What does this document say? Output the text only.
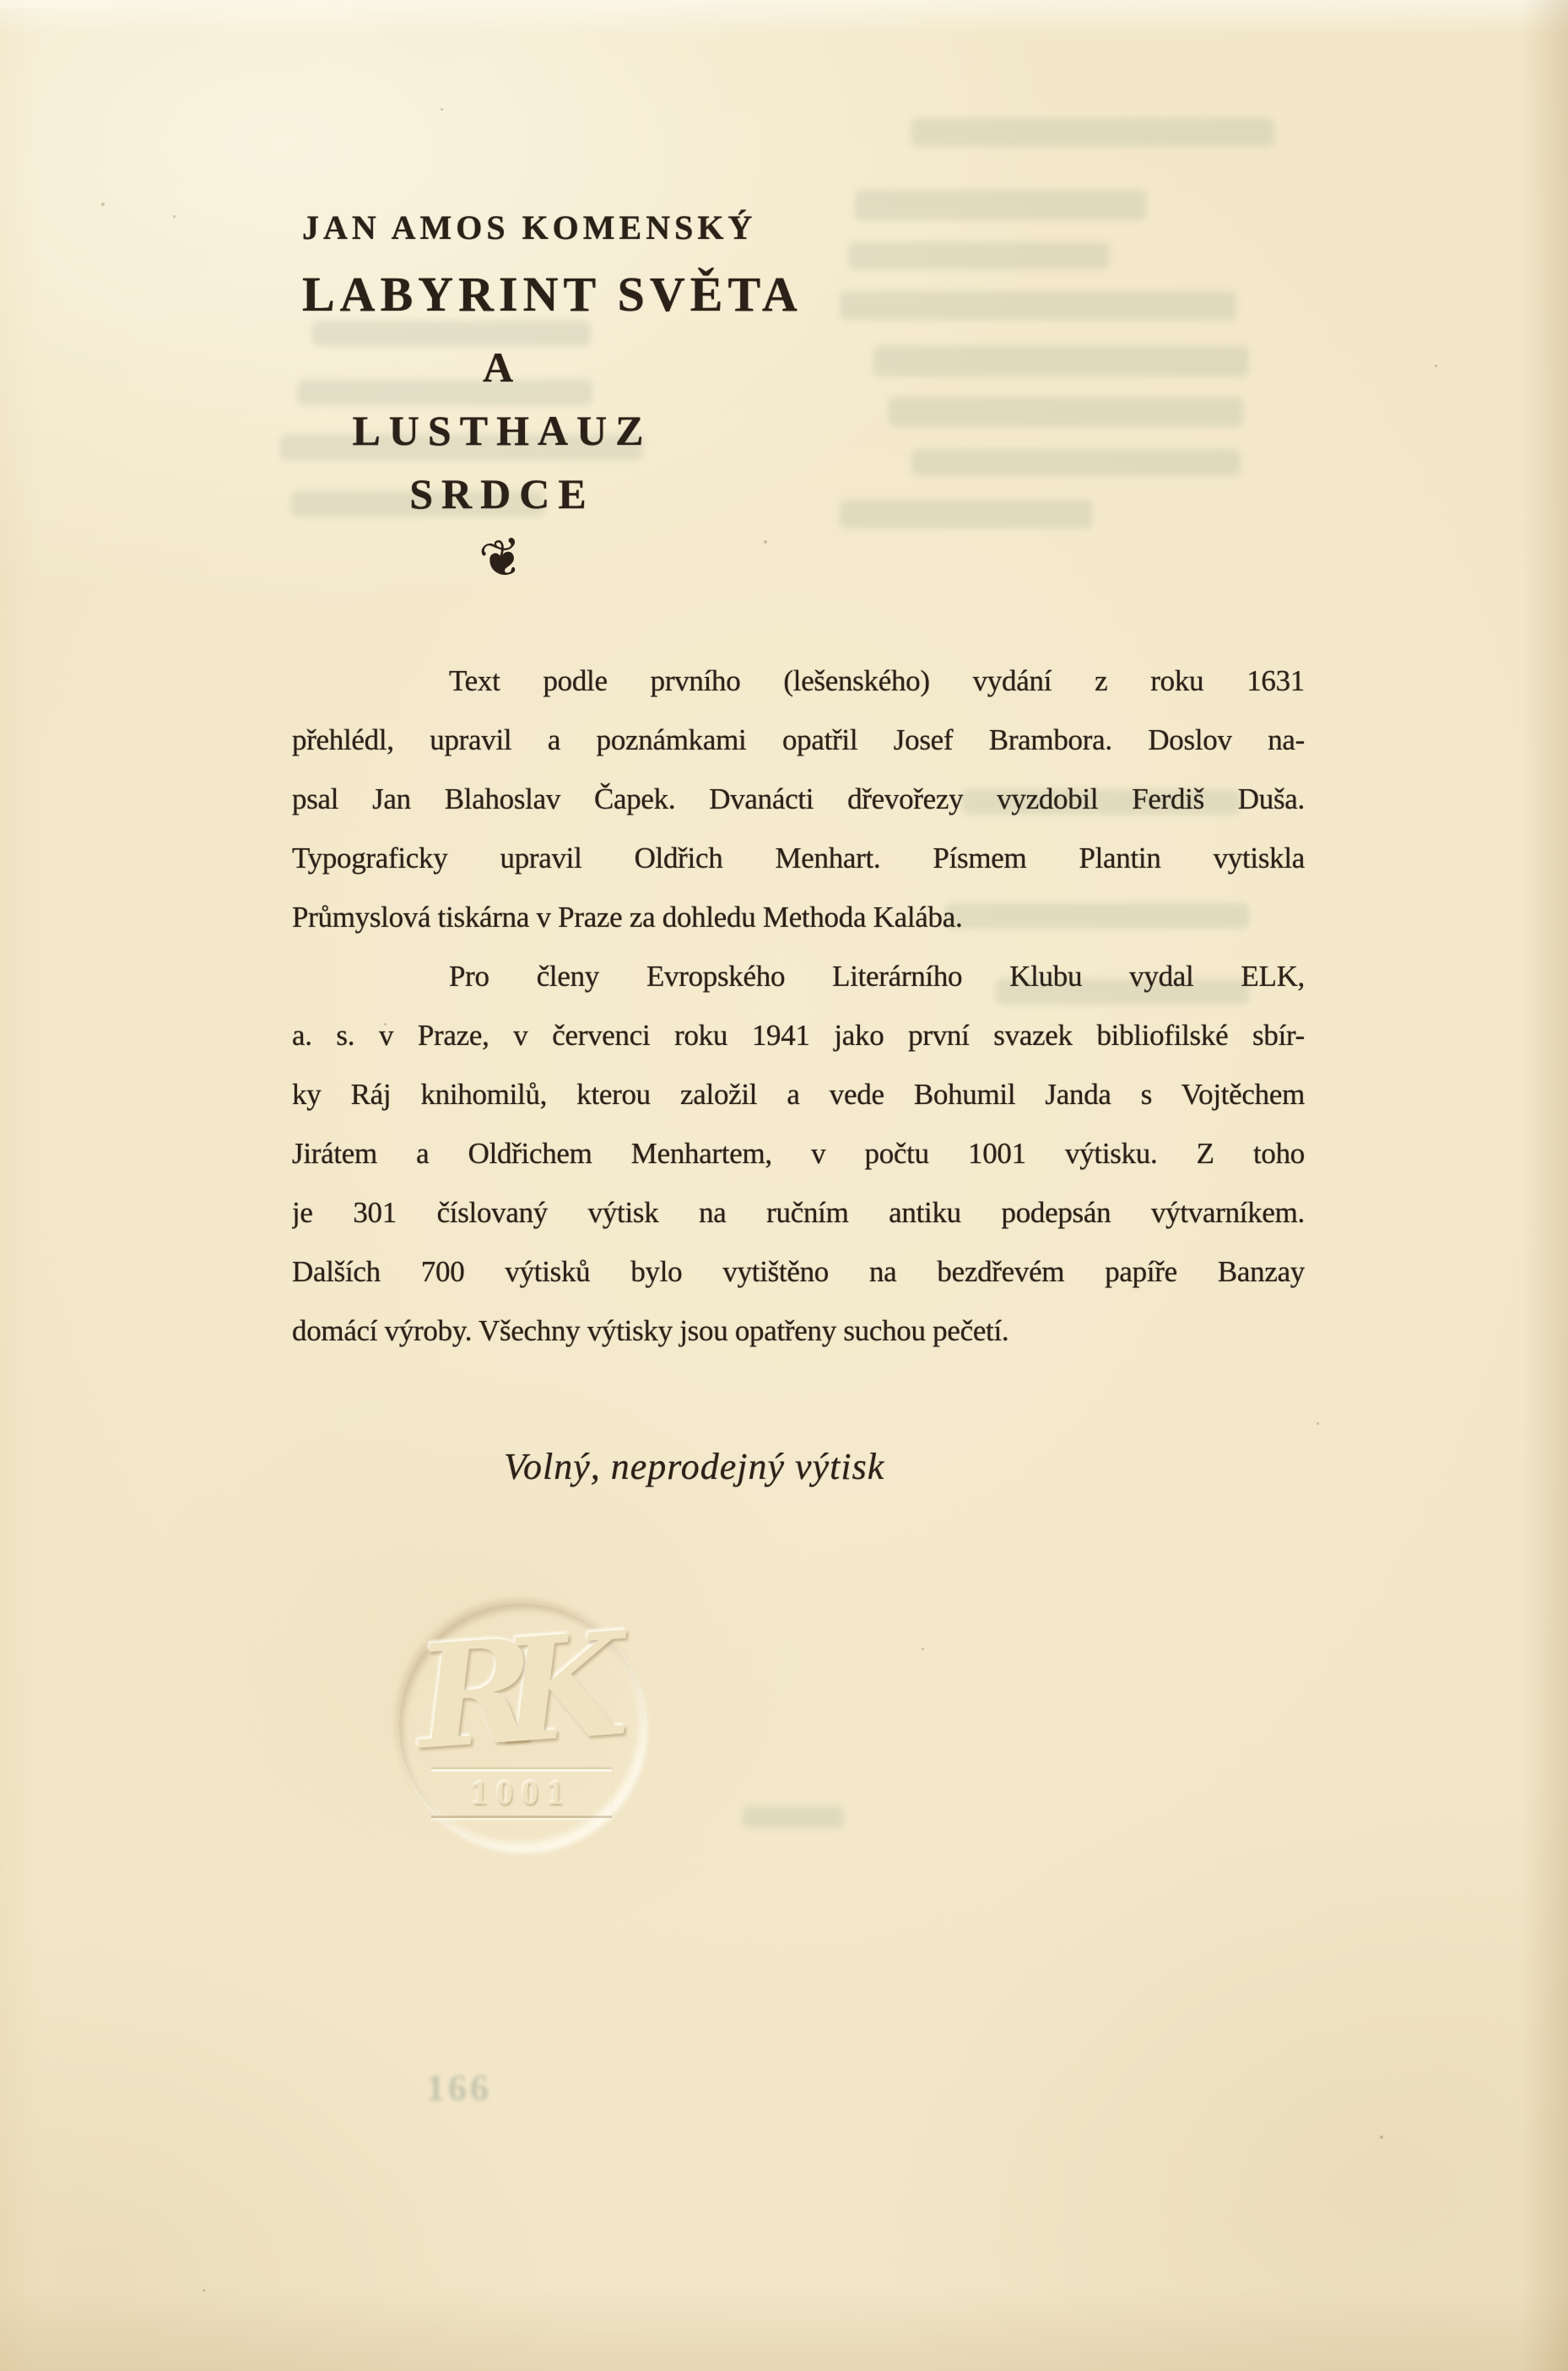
JAN AMOS KOMENSKÝ
LABYRINT SVĚTA
A
LUSTHAUZ
SRDCE
❦
Text podle prvního (lešenského) vydání z roku 1631
přehlédl, upravil a poznámkami opatřil Josef Brambora. Doslov na-
psal Jan Blahoslav Čapek. Dvanácti dřevořezy vyzdobil Ferdiš Duša.
Typograficky upravil Oldřich Menhart. Písmem Plantin vytiskla
Průmyslová tiskárna v Praze za dohledu Methoda Kalába.
Pro členy Evropského Literárního Klubu vydal ELK,
a. s. v Praze, v červenci roku 1941 jako první svazek bibliofilské sbír-
ky Ráj knihomilů, kterou založil a vede Bohumil Janda s Vojtěchem
Jirátem a Oldřichem Menhartem, v počtu 1001 výtisku. Z toho
je 301 číslovaný výtisk na ručním antiku podepsán výtvarníkem.
Dalších 700 výtisků bylo vytištěno na bezdřevém papíře Banzay
domácí výroby. Všechny výtisky jsou opatřeny suchou pečetí.
Volný, neprodejný výtisk
RK
1001
166
